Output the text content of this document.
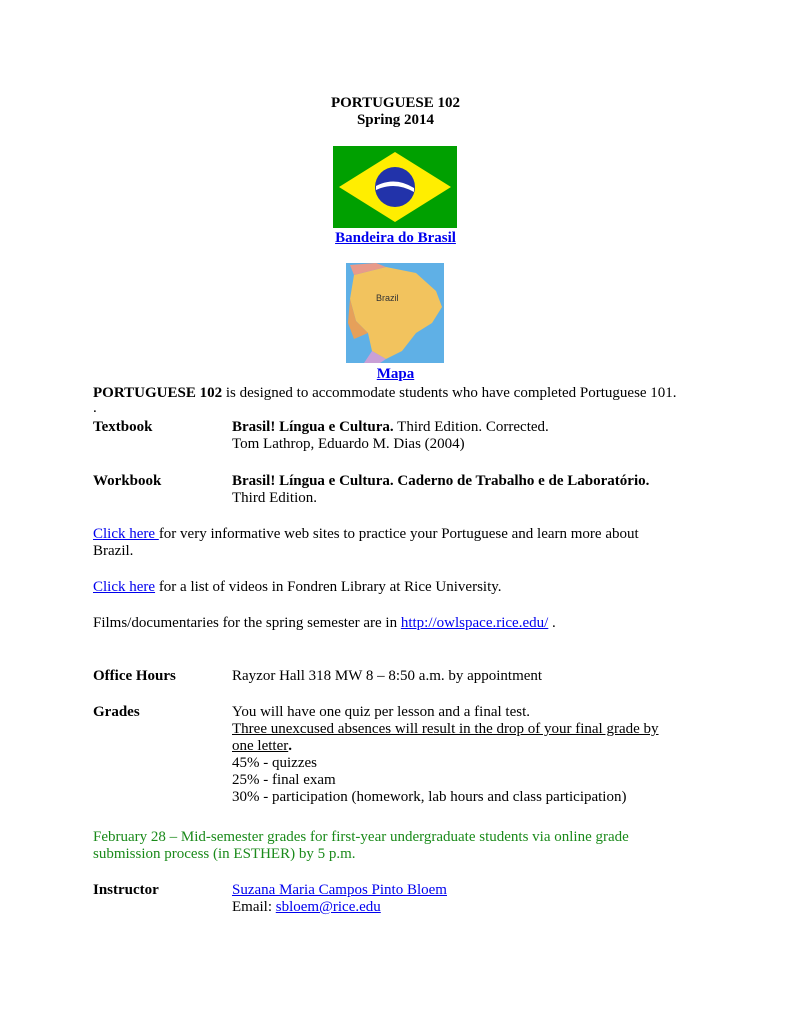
PORTUGUESE 102
Spring 2014
Bandeira do Brasil
Brazil
Mapa
PORTUGUESE 102 is designed to accommodate students who have completed Portuguese 101.
.
Textbook	Brasil! Língua e Cultura. Third Edition. Corrected.
Tom Lathrop, Eduardo M. Dias (2004)
Workbook	Brasil! Língua e Cultura. Caderno de Trabalho e de Laboratório.
Third Edition.
Click here for very informative web sites to practice your Portuguese and learn more about
Brazil.
Click here for a list of videos in Fondren Library at Rice University.
Films/documentaries for the spring semester are in http://owlspace.rice.edu/ .
Office Hours	Rayzor Hall 318 MW 8 – 8:50 a.m. by appointment
Grades	You will have one quiz per lesson and a final test.
Three unexcused absences will result in the drop of your final grade by
one letter.
45% - quizzes
25% - final exam
30% - participation (homework, lab hours and class participation)
February 28 – Mid-semester grades for first-year undergraduate students via online grade
submission process (in ESTHER) by 5 p.m.
Instructor	Suzana Maria Campos Pinto Bloem
Email: sbloem@rice.edu
